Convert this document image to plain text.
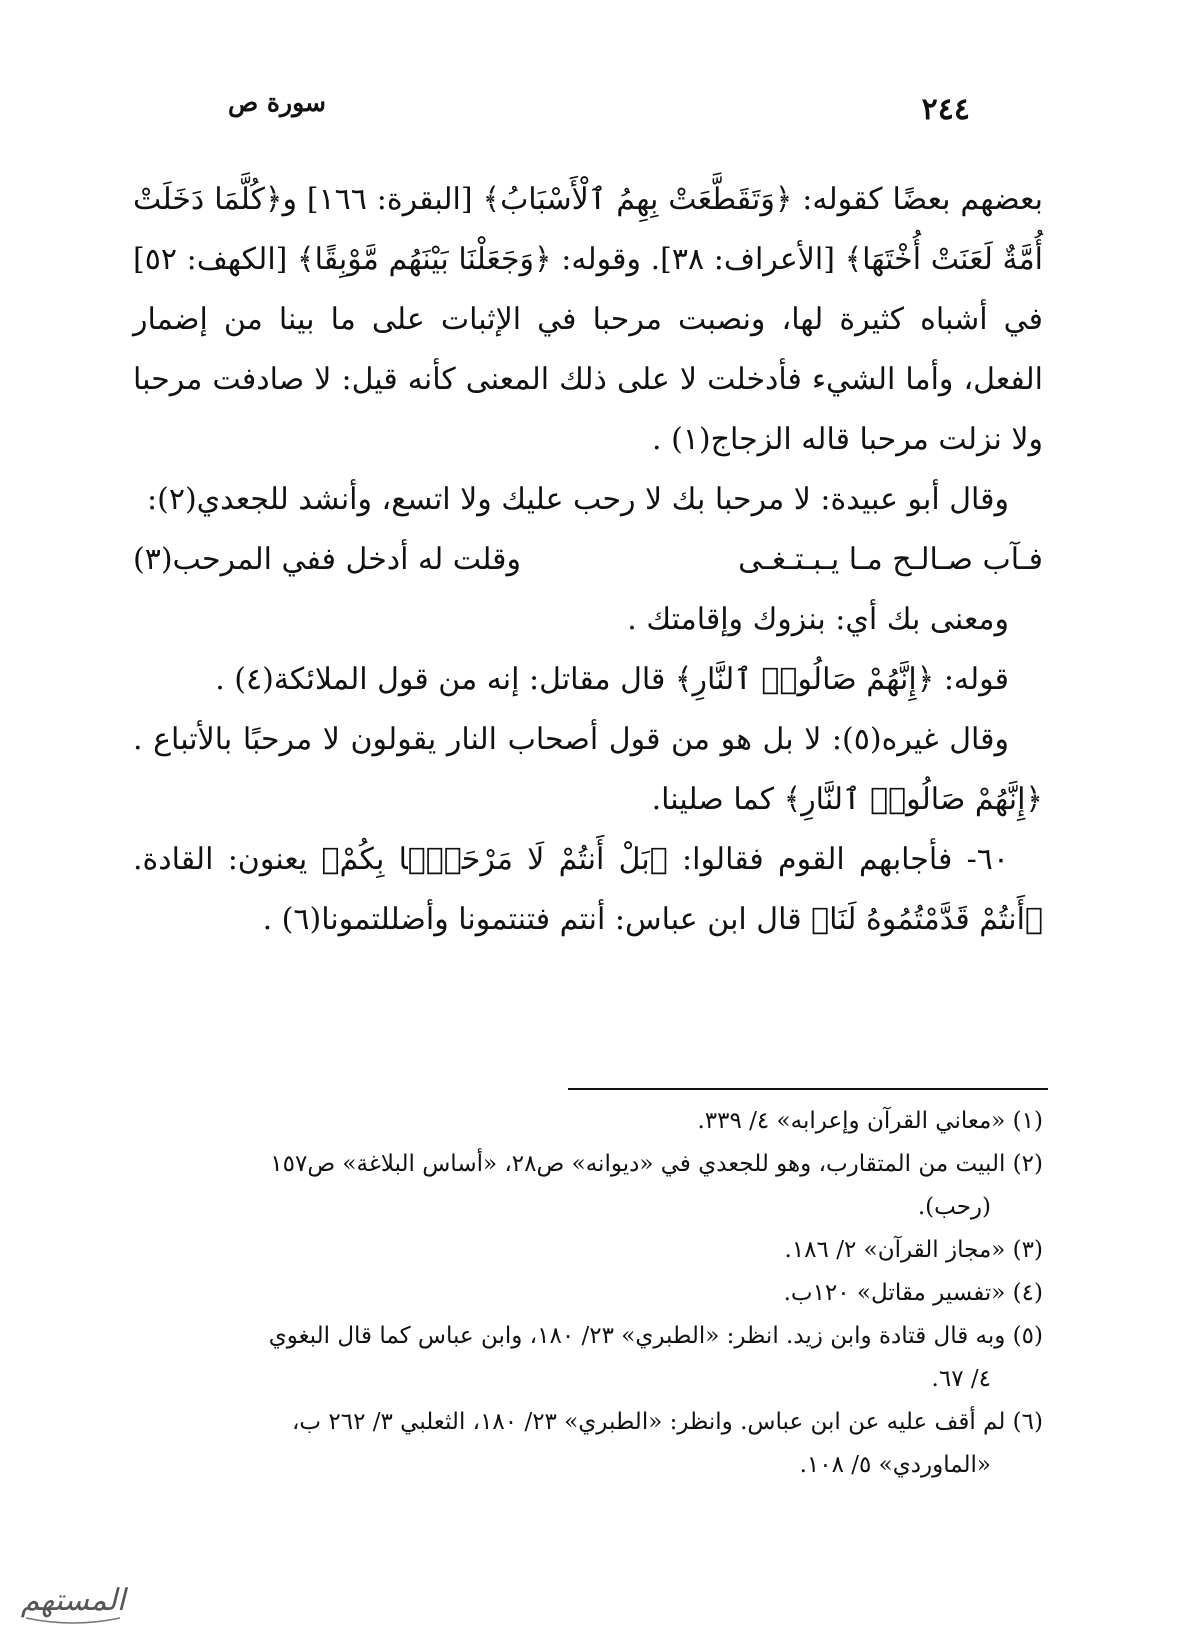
٢٤٤
سورة ص

بعضهم بعضًا كقوله: ﴿وَتَقَطَّعَتْ بِهِمُ ٱلْأَسْبَابُ﴾ [البقرة: ١٦٦] و﴿كُلَّمَا دَخَلَتْ أُمَّةٌ لَعَنَتْ أُخْتَهَا﴾ [الأعراف: ٣٨]. وقوله: ﴿وَجَعَلْنَا بَيْنَهُم مَّوْبِقًا﴾ [الكهف: ٥٢] في أشباه كثيرة لها، ونصبت مرحبا في الإثبات على ما بينا من إضمار الفعل، وأما الشيء فأدخلت لا على ذلك المعنى كأنه قيل: لا صادفت مرحبا ولا نزلت مرحبا قاله الزجاج(١) .

وقال أبو عبيدة: لا مرحبا بك لا رحب عليك ولا اتسع، وأنشد للجعدي(٢):

فـآب صـالـح مـا يـبـتـغـى
وقلت له أدخل ففي المرحب(٣)

ومعنى بك أي: بنزوك وإقامتك .

قوله: ﴿إِنَّهُمْ صَالُوا۟ ٱلنَّارِ﴾ قال مقاتل: إنه من قول الملائكة(٤) .

وقال غيره(٥): لا بل هو من قول أصحاب النار يقولون لا مرحبًا بالأتباع .﴿إِنَّهُمْ صَالُوا۟ ٱلنَّارِ﴾ كما صلينا.

٦٠- فأجابهم القوم فقالوا: ﴿بَلْ أَنتُمْ لَا مَرْحَبًۢا بِكُمْ﴾ يعنون: القادة. ﴿أَنتُمْ قَدَّمْتُمُوهُ لَنَا﴾ قال ابن عباس: أنتم فتنتمونا وأضللتمونا(٦) .

(١) «معاني القرآن وإعرابه» ٤/ ٣٣٩.

(٢) البيت من المتقارب، وهو للجعدي في «ديوانه» ص٢٨، «أساس البلاغة» ص١٥٧

(رحب).

(٣) «مجاز القرآن» ٢/ ١٨٦.

(٤) «تفسير مقاتل» ١٢٠ب.

(٥) وبه قال قتادة وابن زيد. انظر: «الطبري» ٢٣/ ١٨٠، وابن عباس كما قال البغوي

٤/ ٦٧.

(٦) لم أقف عليه عن ابن عباس. وانظر: «الطبري» ٢٣/ ١٨٠، الثعلبي ٣/ ٢٦٢ ب،

«الماوردي» ٥/ ١٠٨.

المستهم
